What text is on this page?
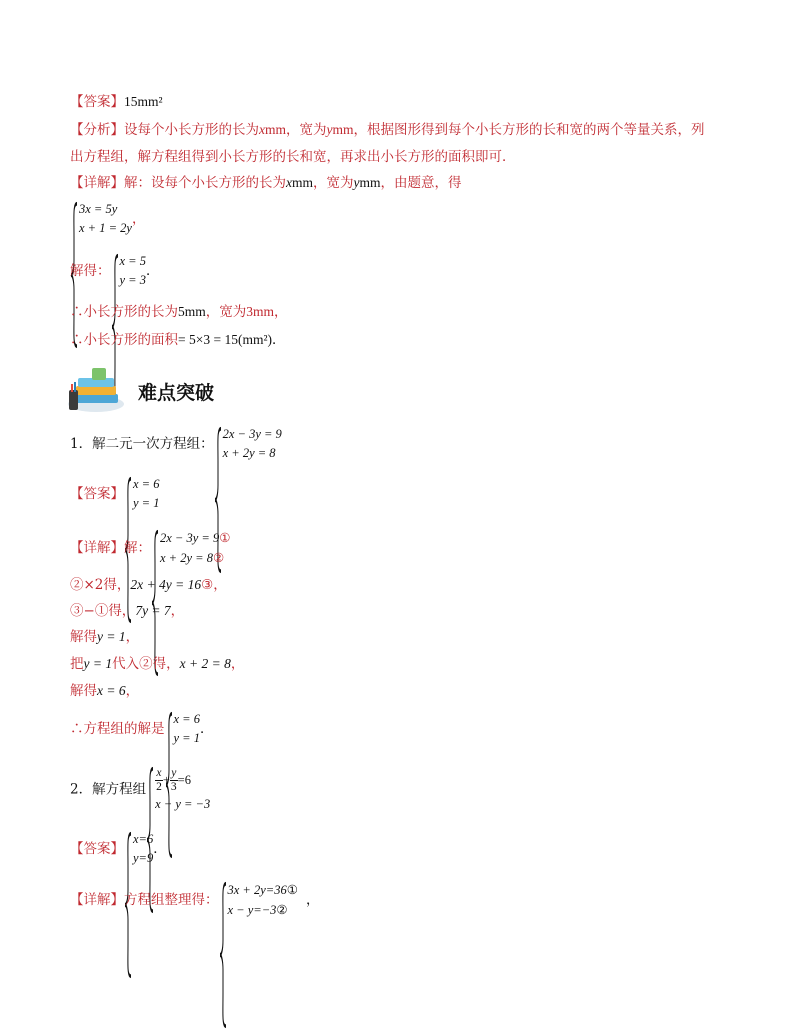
【答案】15mm²
【分析】设每个小长方形的长为xmm，宽为ymm，根据图形得到每个小长方形的长和宽的两个等量关系，列
出方程组，解方程组得到小长方形的长和宽，再求出小长方形的面积即可．
【详解】解：设每个小长方形的长为xmm，宽为ymm，由题意，得
3x = 5y
x + 1 = 2y
，
解得：
x = 5
y = 3
．
∴小长方形的长为5mm，宽为3mm，
∴小长方形的面积= 5×3 = 15(mm²)．
难点突破
1．解二元一次方程组：
2x − 3y = 9
x + 2y = 8
【答案】
x = 6
y = 1
【详解】解：
2x − 3y = 9①
x + 2y = 8②
②×2得，2x + 4y = 16③，
③−①得，7y = 7，
解得y = 1，
把y = 1代入②得，x + 2 = 8，
解得x = 6，
∴方程组的解是
x = 6
y = 1
．
2．解方程组 $\frac{x}{2} + \frac{y}{3} =6$
x − y = −3
【答案】
x=6
y=9
．
【详解】方程组整理得：
3x + 2y=36①
x − y=−3②
，
